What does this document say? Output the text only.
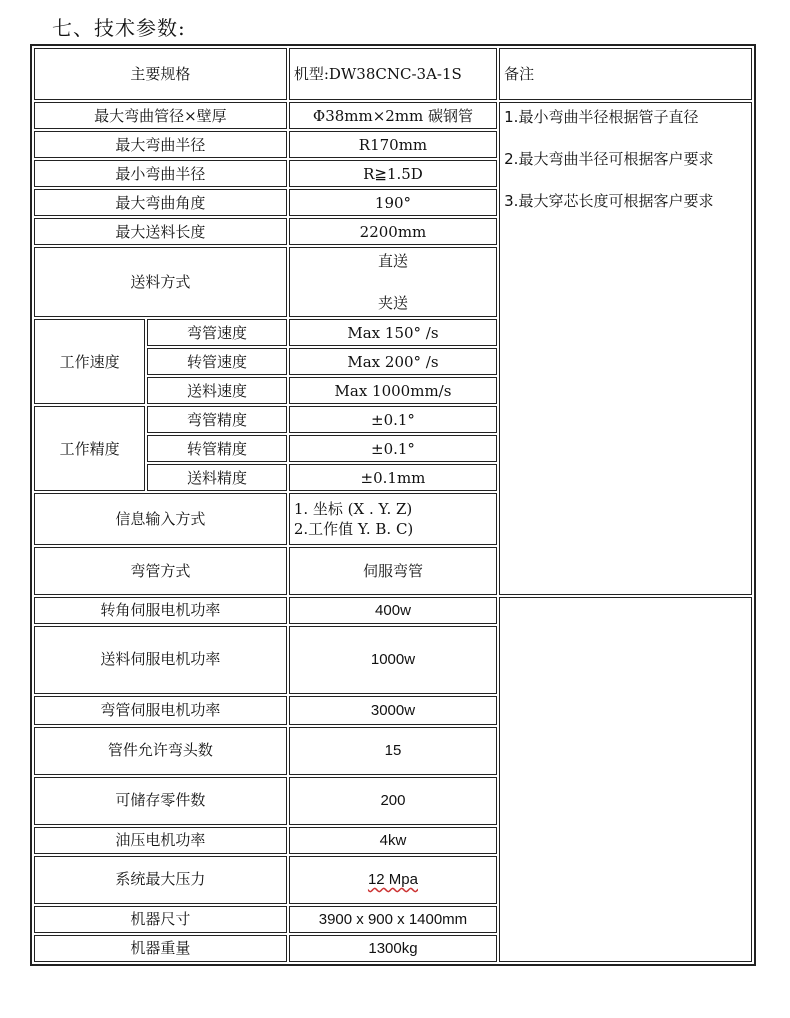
七、技术参数:
主要规格		机型:DW38CNC-3A-1S	备注
最大弯曲管径×壁厚		Φ38mm×2mm 碳钢管	1.最小弯曲半径根据管子直径
2.最大弯曲半径可根据客户要求
3.最大穿芯长度可根据客户要求

最大弯曲半径		R170mm	
最小弯曲半径		R≧1.5D	
最大弯曲角度		190°	
最大送料长度		2200mm	
送料方式		直送
夹送	

工作速度	弯管速度	Max 150° /s	
	转管速度	Max 200° /s	
	送料速度	Max 1000mm/s	
工作精度	弯管精度	±0.1°	
	转管精度	±0.1°	
	送料精度	±0.1mm	
信息输入方式		1. 坐标 (X . Y. Z)
2.工作值 Y. B. C)	

弯管方式		伺服弯管	
转角伺服电机功率		400w	
送料伺服电机功率		1000w	
弯管伺服电机功率		3000w	
管件允许弯头数		15	
可储存零件数		200	
油压电机功率		4kw	
系统最大压力		12 Mpa	
机器尺寸		3900 x 900 x 1400mm	
机器重量		1300kg	
